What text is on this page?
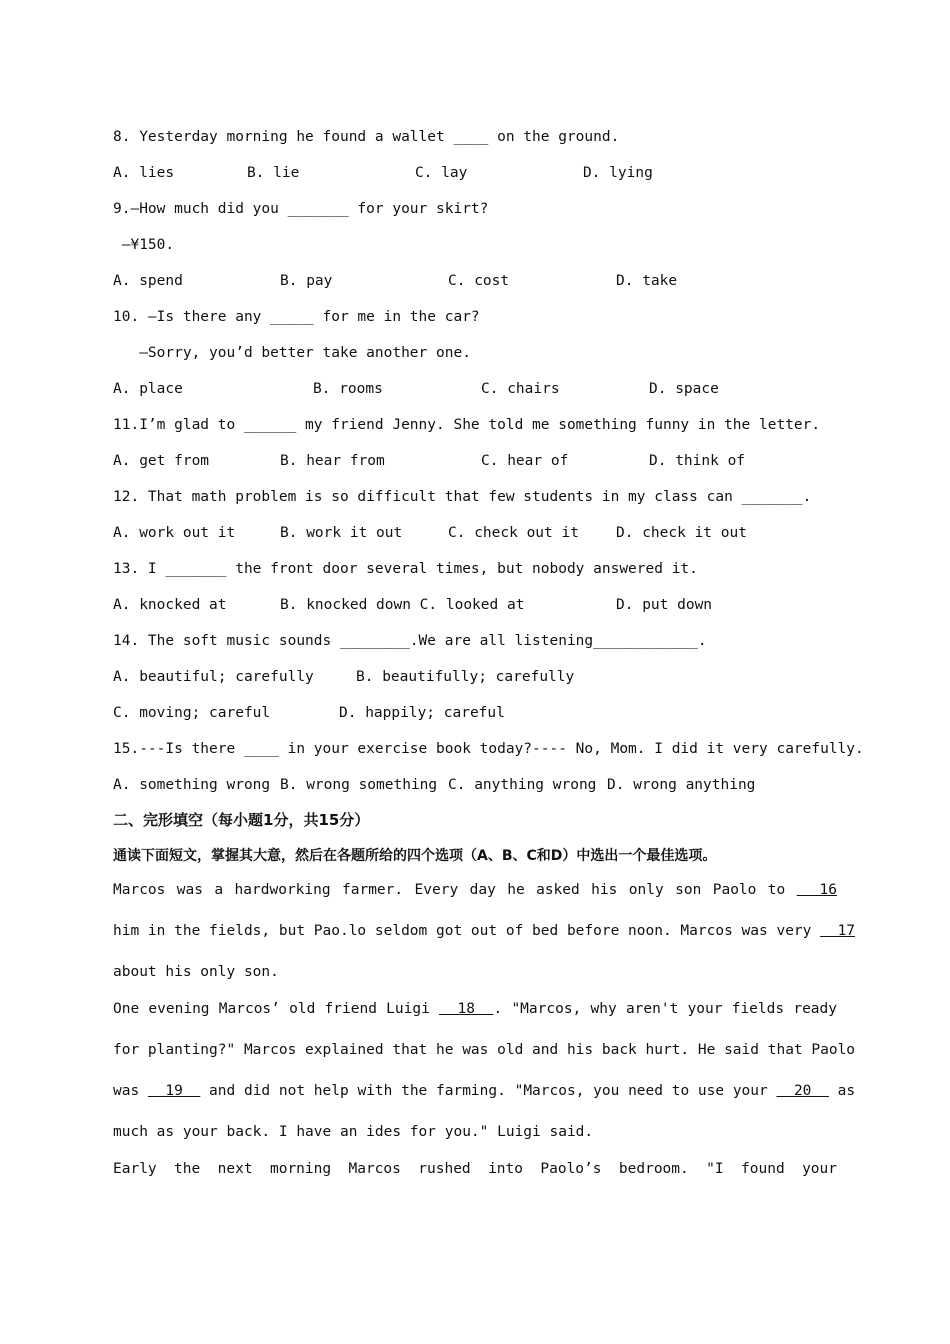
8. Yesterday morning he found a wallet ____ on the ground.
A. lies	B. lie	C. lay	D. lying
9.—How much did you _______ for your skirt?
—¥150.
A. spend	B. pay	C. cost	D. take
10. —Is there any _____ for me in the car?
—Sorry, you’d better take another one.
A. place	B. rooms	C. chairs	D. space
11.I’m glad to ______ my friend Jenny. She told me something funny in the letter.
A. get from	B. hear from	C. hear of	D. think of
12. That math problem is so difficult that few students in my class can _______.
A. work out it	B. work it out	C. check out it	D. check it out
13. I _______ the front door several times, but nobody answered it.
A. knocked at	B. knocked down C. looked at	D. put down
14. The soft music sounds ________.We are all listening____________.
A. beautiful; carefully	B. beautifully; carefully
C. moving; careful	D. happily; careful
15.---Is there ____ in your exercise book today?---- No, Mom. I did it very carefully.
A. something wrong B. wrong something C. anything wrong D. wrong anything
二、完形填空（每小题1分，共15分）
通读下面短文，掌握其大意，然后在各题所给的四个选项（A、B、C和D）中选出一个最佳选项。
Marcos was a hardworking farmer. Every day he asked his only son Paolo to   16
him in the fields, but Pao.lo seldom got out of bed before noon. Marcos was very   17
about his only son.
One evening Marcos’ old friend Luigi   18  . "Marcos, why aren't your fields ready
for planting?" Marcos explained that he was old and his back hurt. He said that Paolo
was   19   and did not help with the farming. "Marcos, you need to use your   20   as
much as your back. I have an ides for you." Luigi said.
Early the next morning Marcos rushed into Paolo’s bedroom. "I found your
